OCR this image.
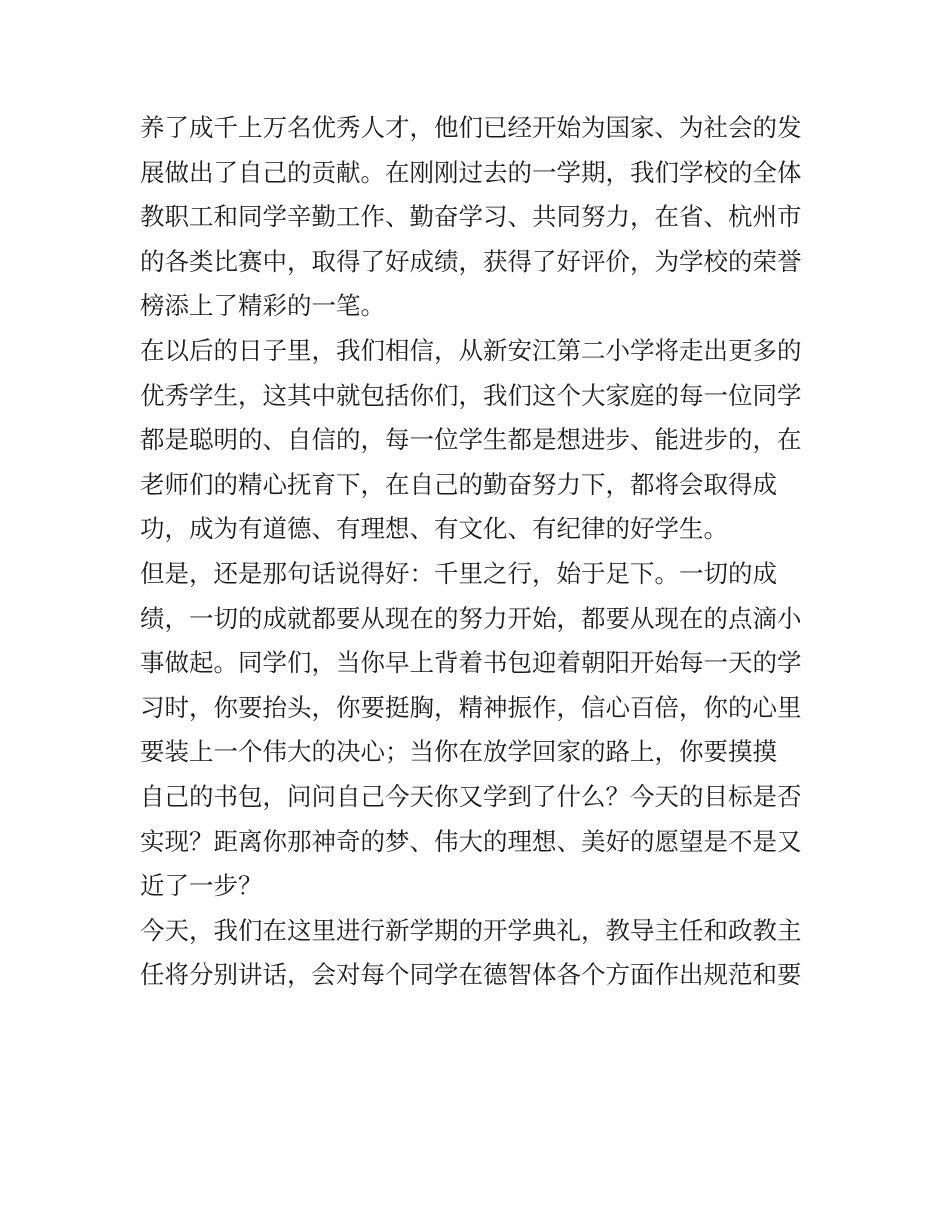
养了成千上万名优秀人才，他们已经开始为国家、为社会的发
展做出了自己的贡献。在刚刚过去的一学期，我们学校的全体
教职工和同学辛勤工作、勤奋学习、共同努力，在省、杭州市
的各类比赛中，取得了好成绩，获得了好评价，为学校的荣誉
榜添上了精彩的一笔。
在以后的日子里，我们相信，从新安江第二小学将走出更多的
优秀学生，这其中就包括你们，我们这个大家庭的每一位同学
都是聪明的、自信的，每一位学生都是想进步、能进步的，在
老师们的精心抚育下，在自己的勤奋努力下，都将会取得成
功，成为有道德、有理想、有文化、有纪律的好学生。
但是，还是那句话说得好：千里之行，始于足下。一切的成
绩，一切的成就都要从现在的努力开始，都要从现在的点滴小
事做起。同学们，当你早上背着书包迎着朝阳开始每一天的学
习时，你要抬头，你要挺胸，精神振作，信心百倍，你的心里
要装上一个伟大的决心；当你在放学回家的路上，你要摸摸
自己的书包，问问自己今天你又学到了什么？今天的目标是否
实现？距离你那神奇的梦、伟大的理想、美好的愿望是不是又
近了一步？
今天，我们在这里进行新学期的开学典礼，教导主任和政教主
任将分别讲话，会对每个同学在德智体各个方面作出规范和要
